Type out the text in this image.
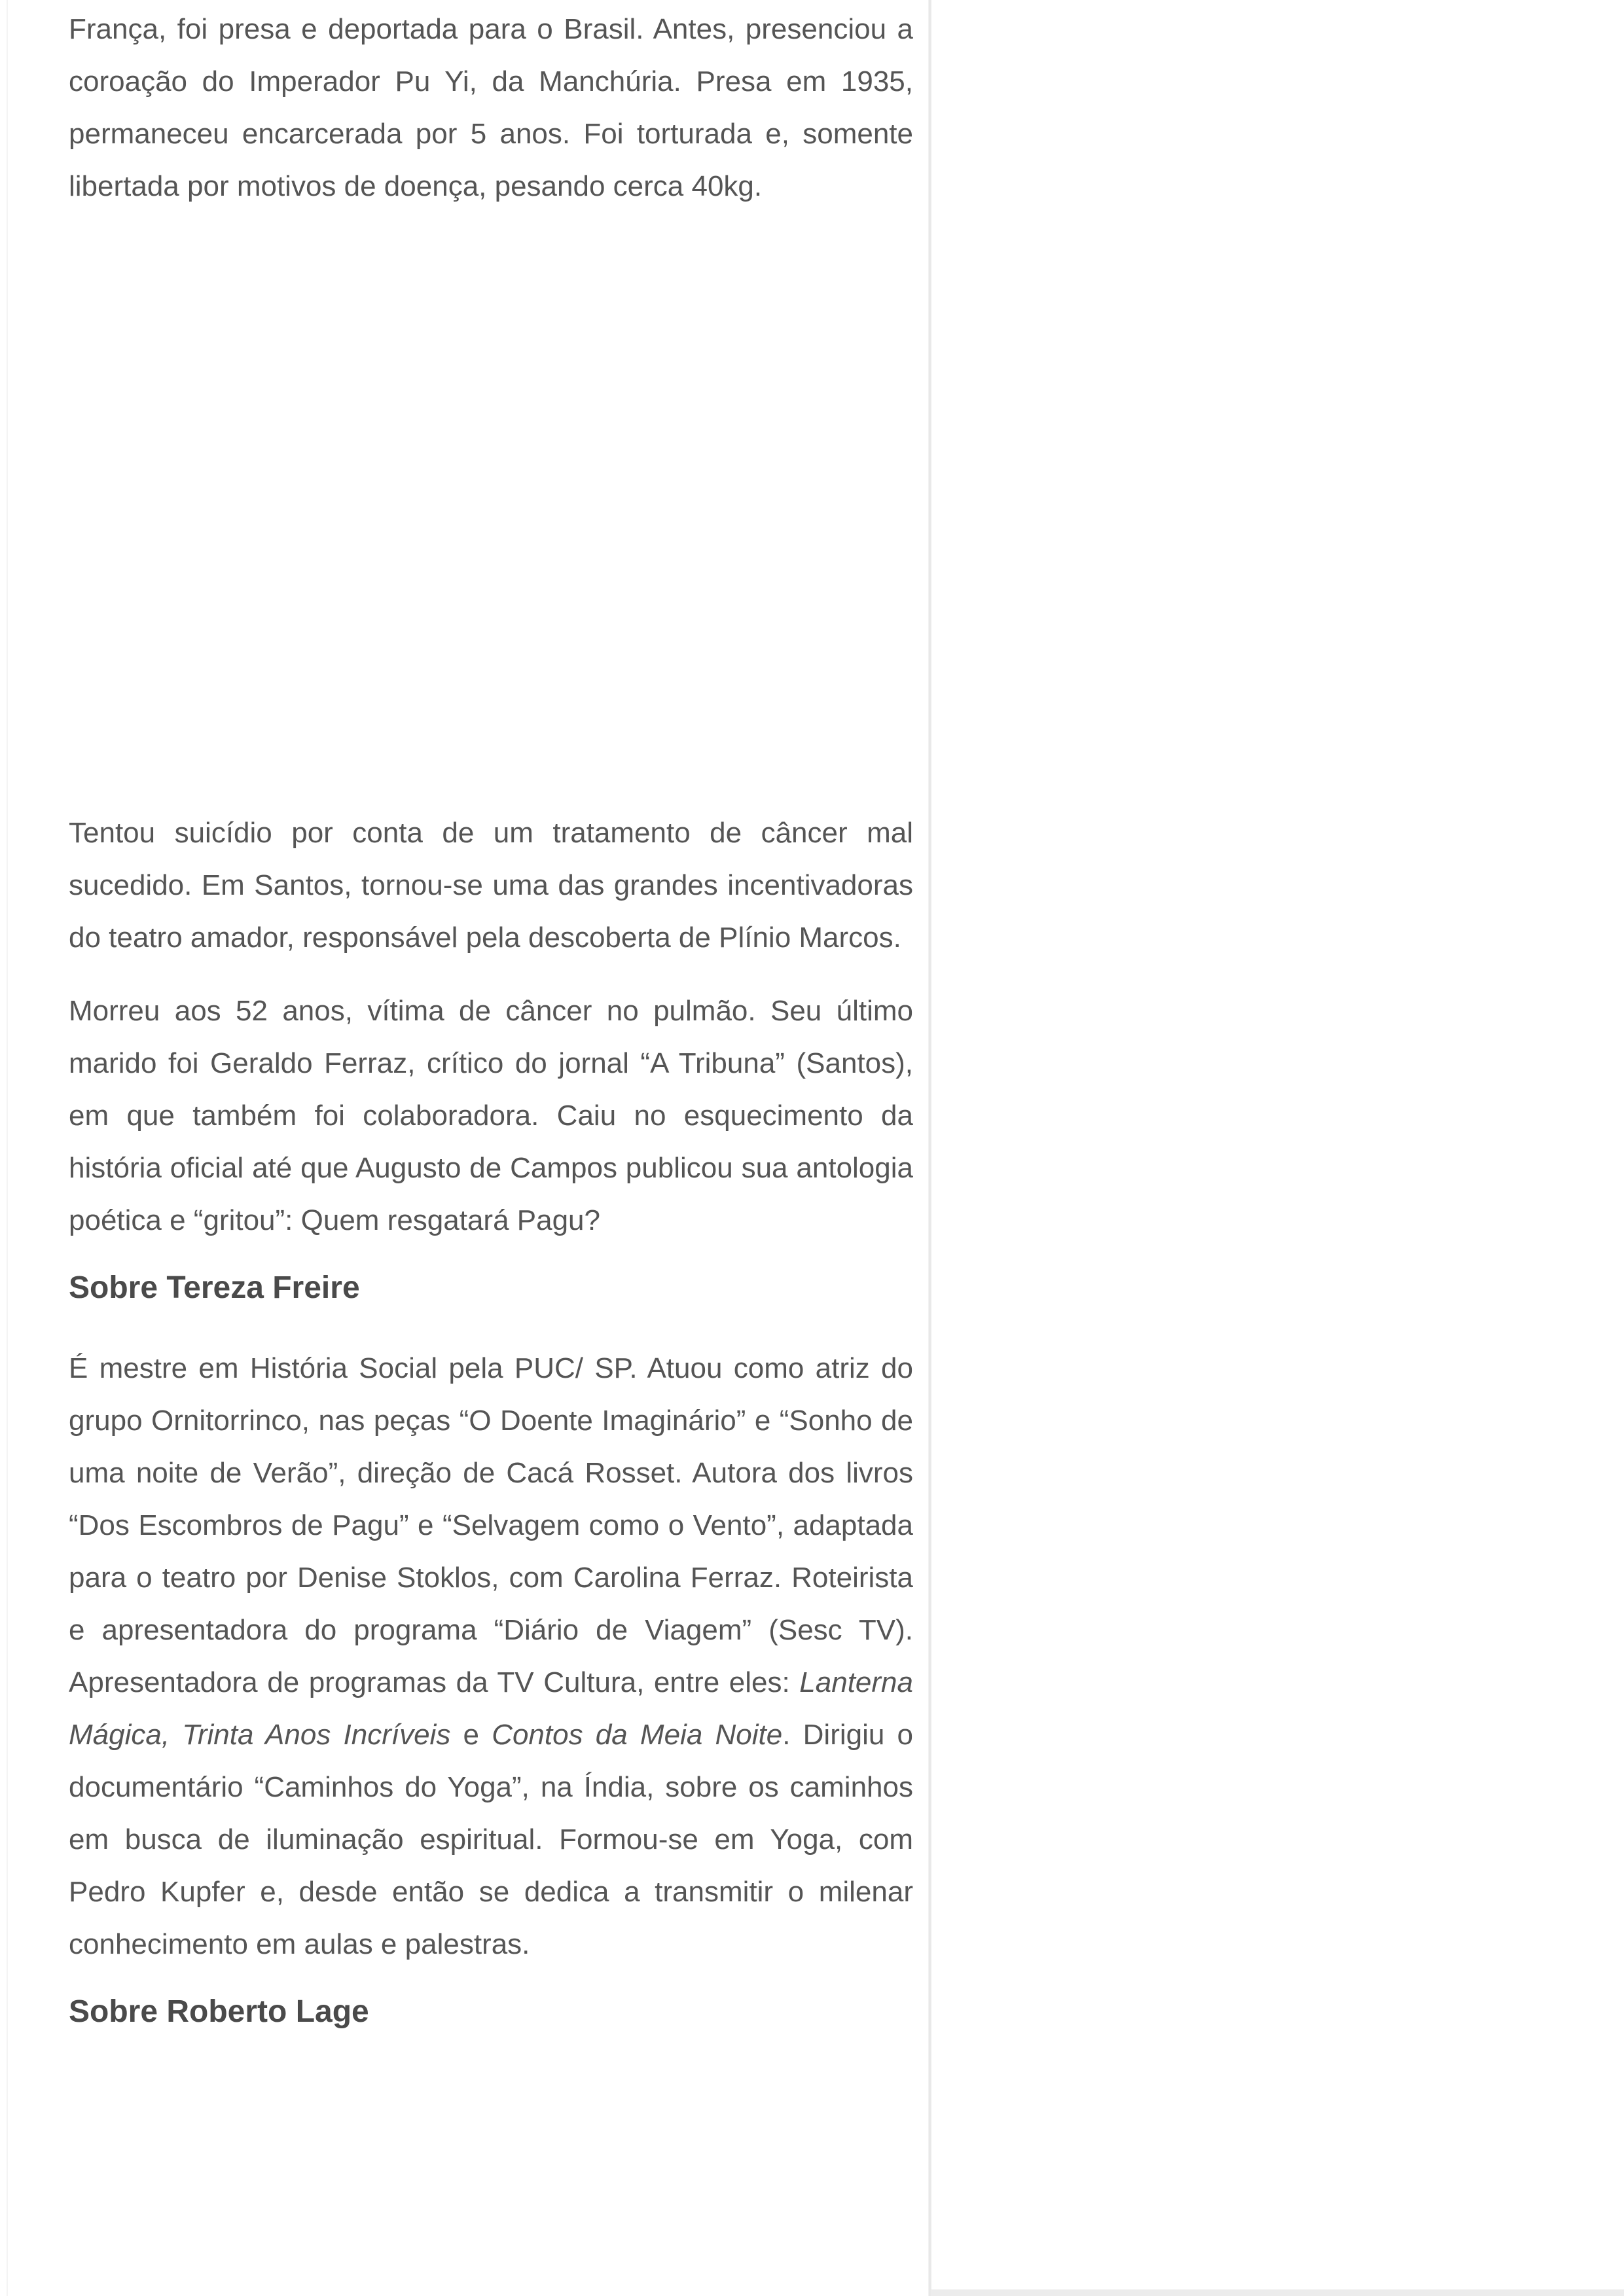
França, foi presa e deportada para o Brasil. Antes, presenciou a coroação do Imperador Pu Yi, da Manchúria. Presa em 1935, permaneceu encarcerada por 5 anos. Foi torturada e, somente libertada por motivos de doença, pesando cerca 40kg.

Tentou suicídio por conta de um tratamento de câncer mal sucedido. Em Santos, tornou-se uma das grandes incentivadoras do teatro amador, responsável pela descoberta de Plínio Marcos.

Morreu aos 52 anos, vítima de câncer no pulmão. Seu último marido foi Geraldo Ferraz, crítico do jornal “A Tribuna” (Santos), em que também foi colaboradora. Caiu no esquecimento da história oficial até que Augusto de Campos publicou sua antologia poética e “gritou”: Quem resgatará Pagu?

Sobre Tereza Freire

É mestre em História Social pela PUC/ SP. Atuou como atriz do grupo Ornitorrinco, nas peças “O Doente Imaginário” e “Sonho de uma noite de Verão”, direção de Cacá Rosset. Autora dos livros “Dos Escombros de Pagu” e “Selvagem como o Vento”, adaptada para o teatro por Denise Stoklos, com Carolina Ferraz. Roteirista e apresentadora do programa “Diário de Viagem” (Sesc TV). Apresentadora de programas da TV Cultura, entre eles: Lanterna Mágica, Trinta Anos Incríveis e Contos da Meia Noite. Dirigiu o documentário “Caminhos do Yoga”, na Índia, sobre os caminhos em busca de iluminação espiritual. Formou-se em Yoga, com Pedro Kupfer e, desde então se dedica a transmitir o milenar conhecimento em aulas e palestras.

Sobre Roberto Lage
